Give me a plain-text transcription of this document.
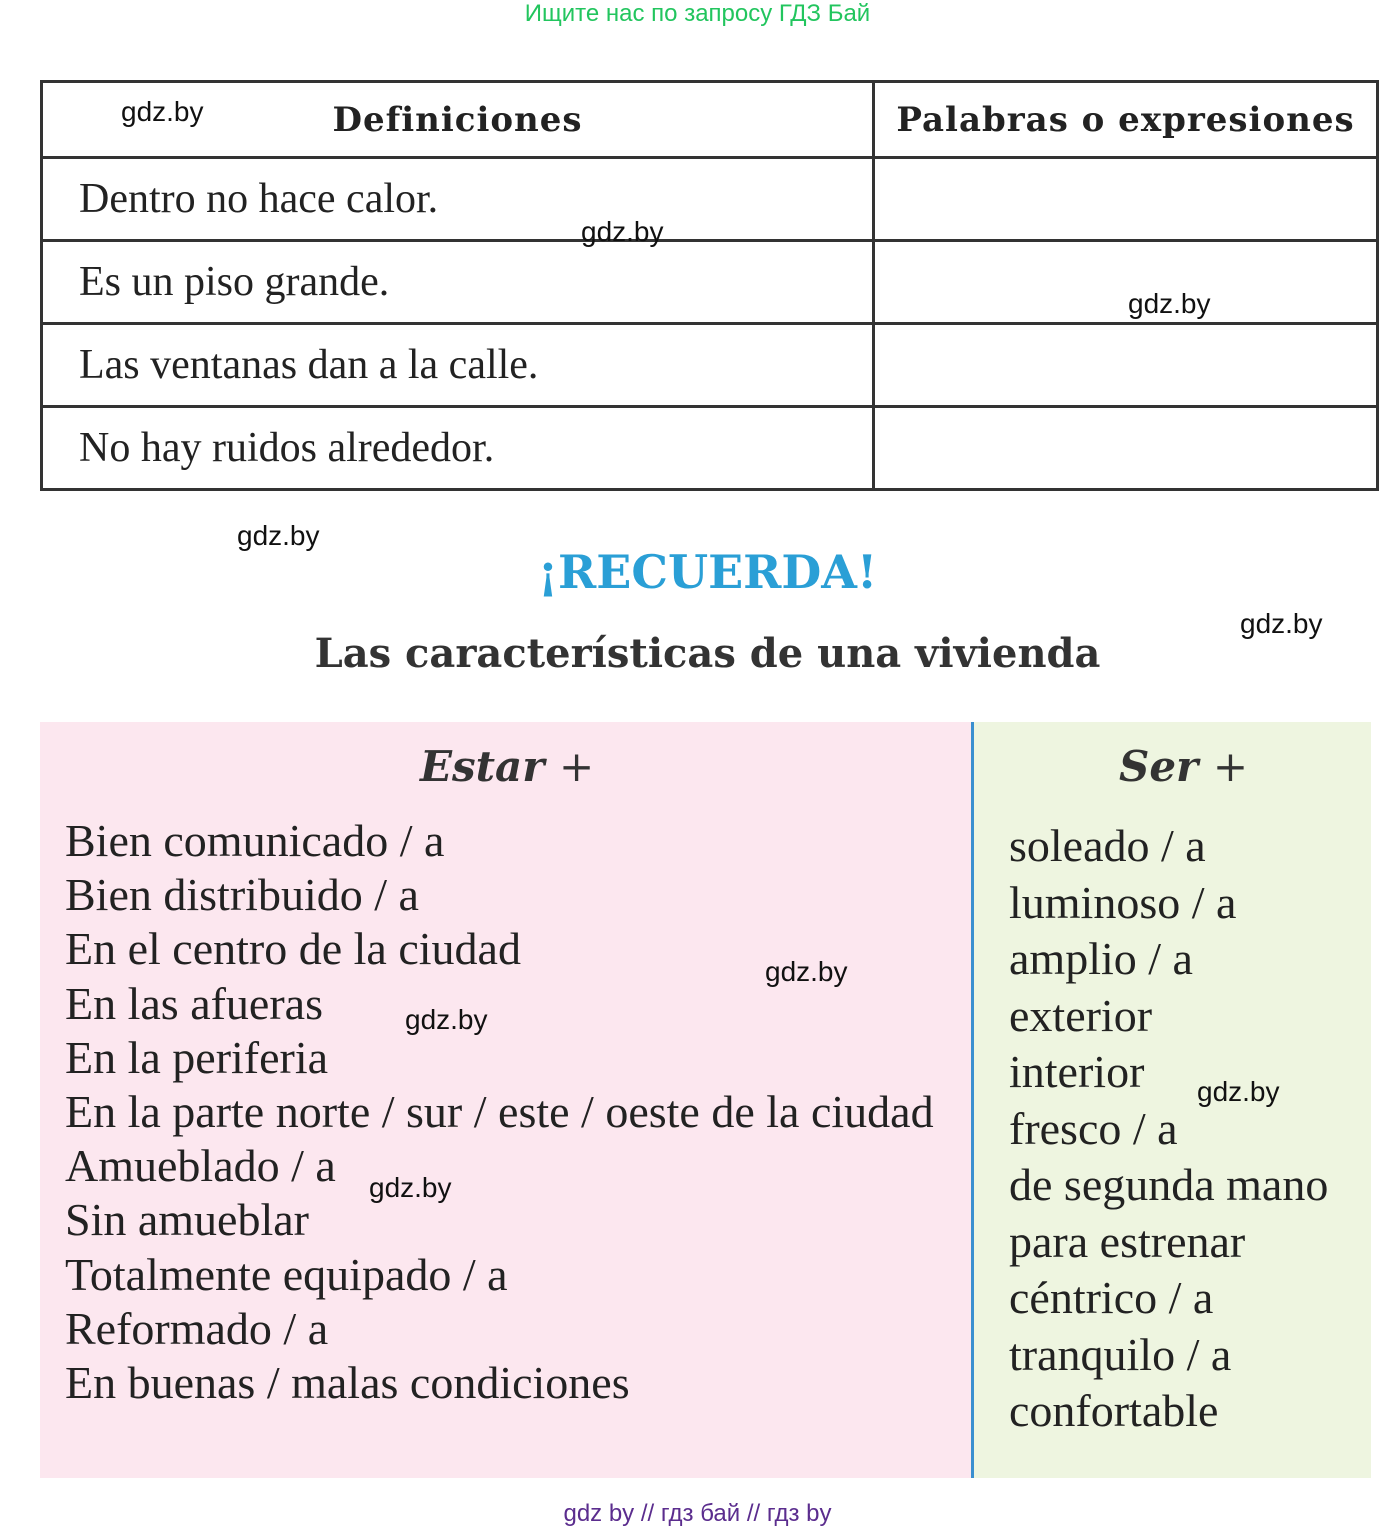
Ищите нас по запросу ГДЗ Бай
Definiciones	Palabras o expresiones
Dentro no hace calor.	
Es un piso grande.	
Las ventanas dan a la calle.	
No hay ruidos alrededor.	
¡RECUERDA!
Las características de una vivienda
Estar +
Bien comunicado / a
Bien distribuido / a
En el centro de la ciudad
En las afueras
En la periferia
En la parte norte / sur / este / oeste de la ciudad
Amueblado / a
Sin amueblar
Totalmente equipado / a
Reformado / a
En buenas / malas condiciones
Ser +
soleado / a
luminoso / a
amplio / a
exterior
interior
fresco / a
de segunda mano
para estrenar
céntrico / a
tranquilo / a
confortable
gdz.by
gdz.by
gdz.by
gdz.by
gdz.by
gdz.by
gdz.by
gdz.by
gdz.by
gdz by // гдз бай // гдз by
